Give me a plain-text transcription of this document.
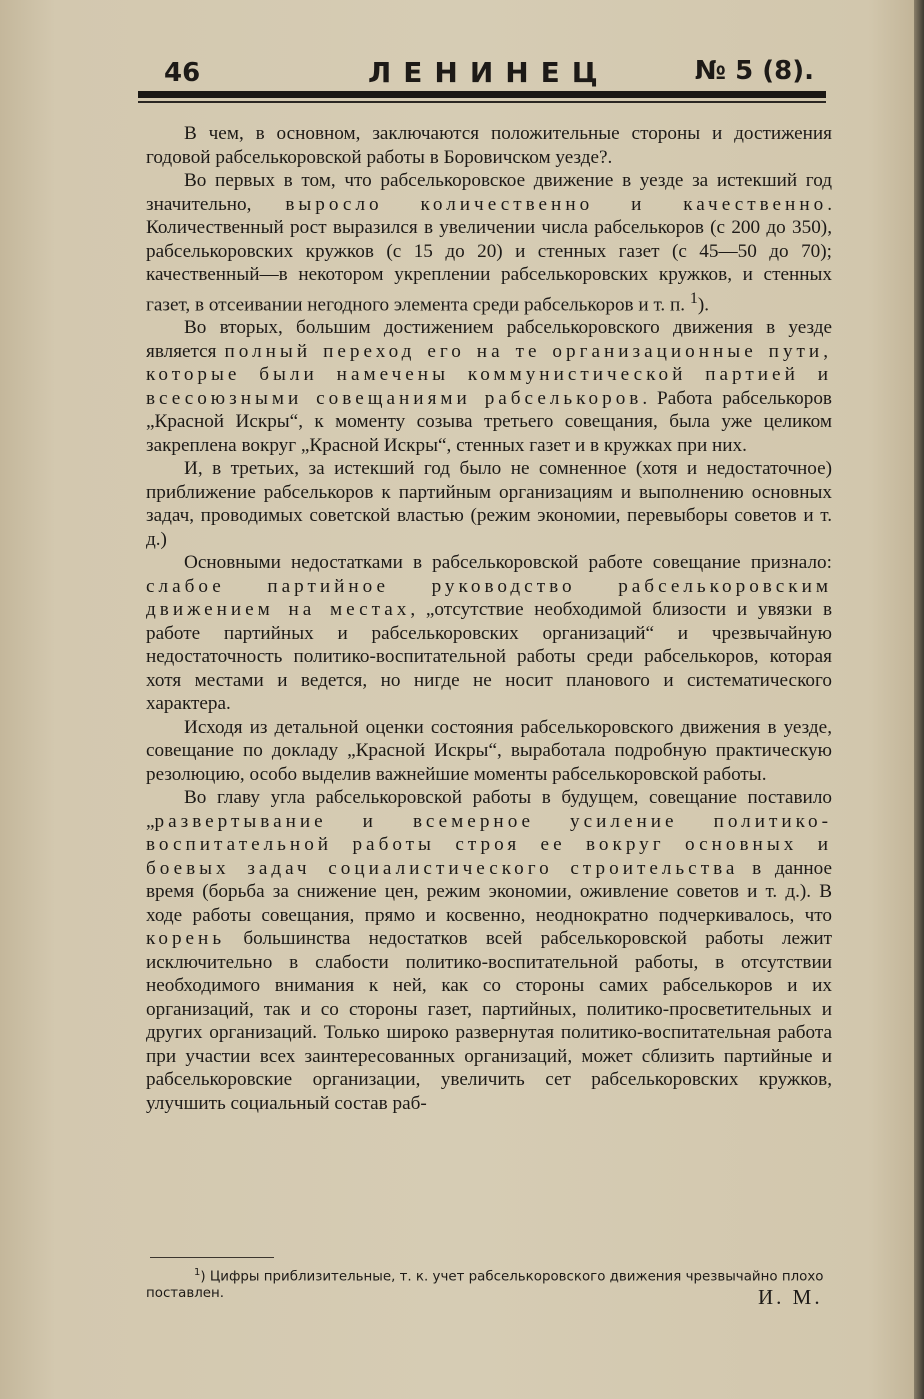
46	ЛЕНИНЕЦ	№ 5 (8).

В чем, в основном, заключаются положительные стороны и достижения годовой рабселькоровской работы в Боровичском уезде?.

Во первых в том, что рабселькоровское движение в уезде за истекший год значительно, выросло количественно и качественно. Количественный рост выразился в увеличении числа рабселькоров (с 200 до 350), рабселькоровских кружков (с 15 до 20) и стенных газет (с 45—50 до 70); качественный—в некотором укреплении рабселькоровских кружков, и стенных газет, в отсеивании негодного элемента среди рабселькоров и т. п. $^1$).

Во вторых, большим достижением рабселькоровского движения в уезде является полный переход его на те организационные пути, которые были намечены коммунистической партией и всесоюзными совещаниями рабселькоров. Работа рабселькоров „Красной Искры“, к моменту созыва третьего совещания, была уже целиком закреплена вокруг „Красной Искры“, стенных газет и в кружках при них.

И, в третьих, за истекший год было не сомненное (хотя и недостаточное) приближение рабселькоров к партийным организациям и выполнению основных задач, проводимых советской властью (режим экономии, перевыборы советов и т. д.)

Основными недостатками в рабселькоровской работе совещание признало: слабое партийное руководство рабселькоровским движением на местах, „отсутствие необходимой близости и увязки в работе партийных и рабселькоровских организаций“ и чрезвычайную недостаточность политико-воспитательной работы среди рабселькоров, которая хотя местами и ведется, но нигде не носит планового и систематического характера.

Исходя из детальной оценки состояния рабселькоровского движения в уезде, совещание по докладу „Красной Искры“, выработала подробную практическую резолюцию, особо выделив важнейшие моменты рабселькоровской работы.

Во главу угла рабселькоровской работы в будущем, совещание поставило „развертывание и всемерное усиление политико-воспитательной работы строя ее вокруг основных и боевых задач социалистического строительства в данное время (борьба за снижение цен, режим экономии, оживление советов и т. д.). В ходе работы совещания, прямо и косвенно, неоднократно подчеркивалось, что корень большинства недостатков всей рабселькоровской работы лежит исключительно в слабости политико-воспитательной работы, в отсутствии необходимого внимания к ней, как со стороны самих рабселькоров и их организаций, так и со стороны газет, партийных, политико-просветительных и других организаций. Только широко развернутая политико-воспитательная работа при участии всех заинтересованных организаций, может сблизить партийные и рабселькоровские организации, увеличить сет рабселькоровских кружков, улучшить социальный состав раб-

$^1$) Цифры приблизительные, т. к. учет рабселькоровского движения чрезвычайно плохо поставлен.	И. М.
